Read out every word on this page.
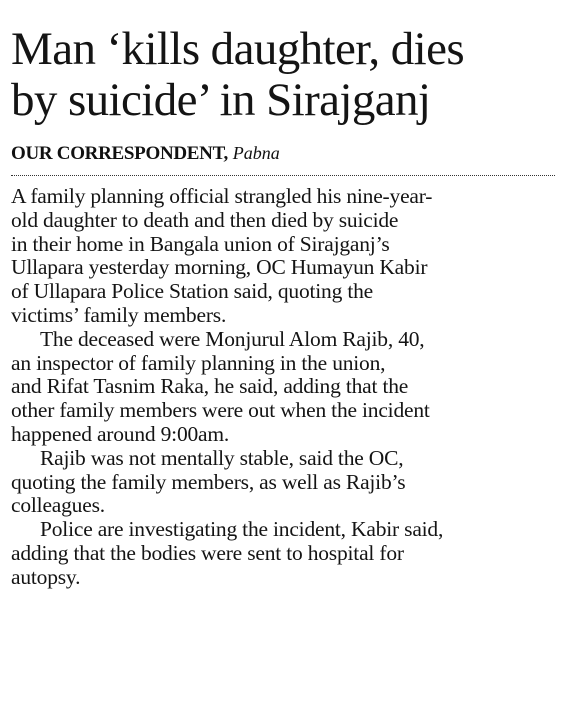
Man ‘kills daughter, dies
by suicide’ in Sirajganj
OUR CORRESPONDENT, Pabna
A family planning official strangled his nine-year-
old daughter to death and then died by suicide
in their home in Bangala union of Sirajganj’s
Ullapara yesterday morning, OC Humayun Kabir
of Ullapara Police Station said, quoting the
victims’ family members.
The deceased were Monjurul Alom Rajib, 40,
an inspector of family planning in the union,
and Rifat Tasnim Raka, he said, adding that the
other family members were out when the incident
happened around 9:00am.
Rajib was not mentally stable, said the OC,
quoting the family members, as well as Rajib’s
colleagues.
Police are investigating the incident, Kabir said,
adding that the bodies were sent to hospital for
autopsy.
